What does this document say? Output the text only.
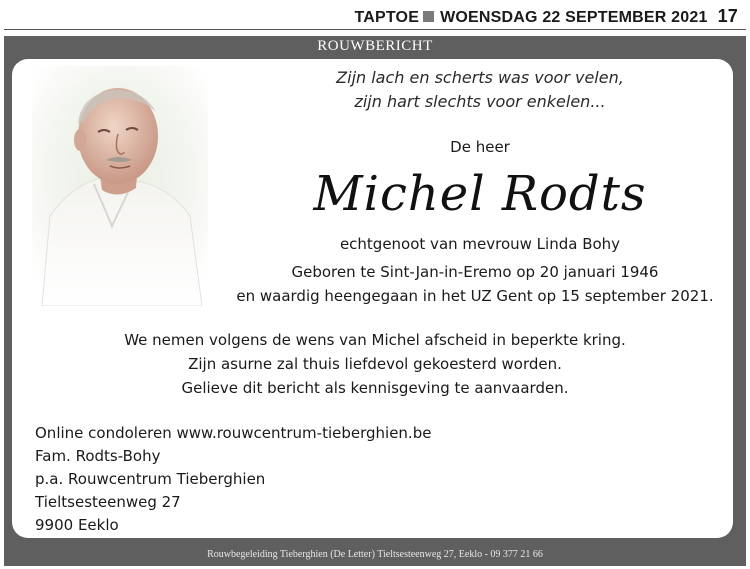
TAPTOE WOENSDAG 22 SEPTEMBER 2021 17
ROUWBERICHT
Rouwbegeleiding Tieberghien (De Letter) Tieltsesteenweg 27, Eeklo - 09 377 21 66
Zijn lach en scherts was voor velen,
zijn hart slechts voor enkelen...
De heer
Michel Rodts
echtgenoot van mevrouw Linda Bohy
Geboren te Sint-Jan-in-Eremo op 20 januari 1946
en waardig heengegaan in het UZ Gent op 15 september 2021.
We nemen volgens de wens van Michel afscheid in beperkte kring.
Zijn asurne zal thuis liefdevol gekoesterd worden.
Gelieve dit bericht als kennisgeving te aanvaarden.
Online condoleren www.rouwcentrum-tieberghien.be
Fam. Rodts-Bohy
p.a. Rouwcentrum Tieberghien
Tieltsesteenweg 27
9900 Eeklo
